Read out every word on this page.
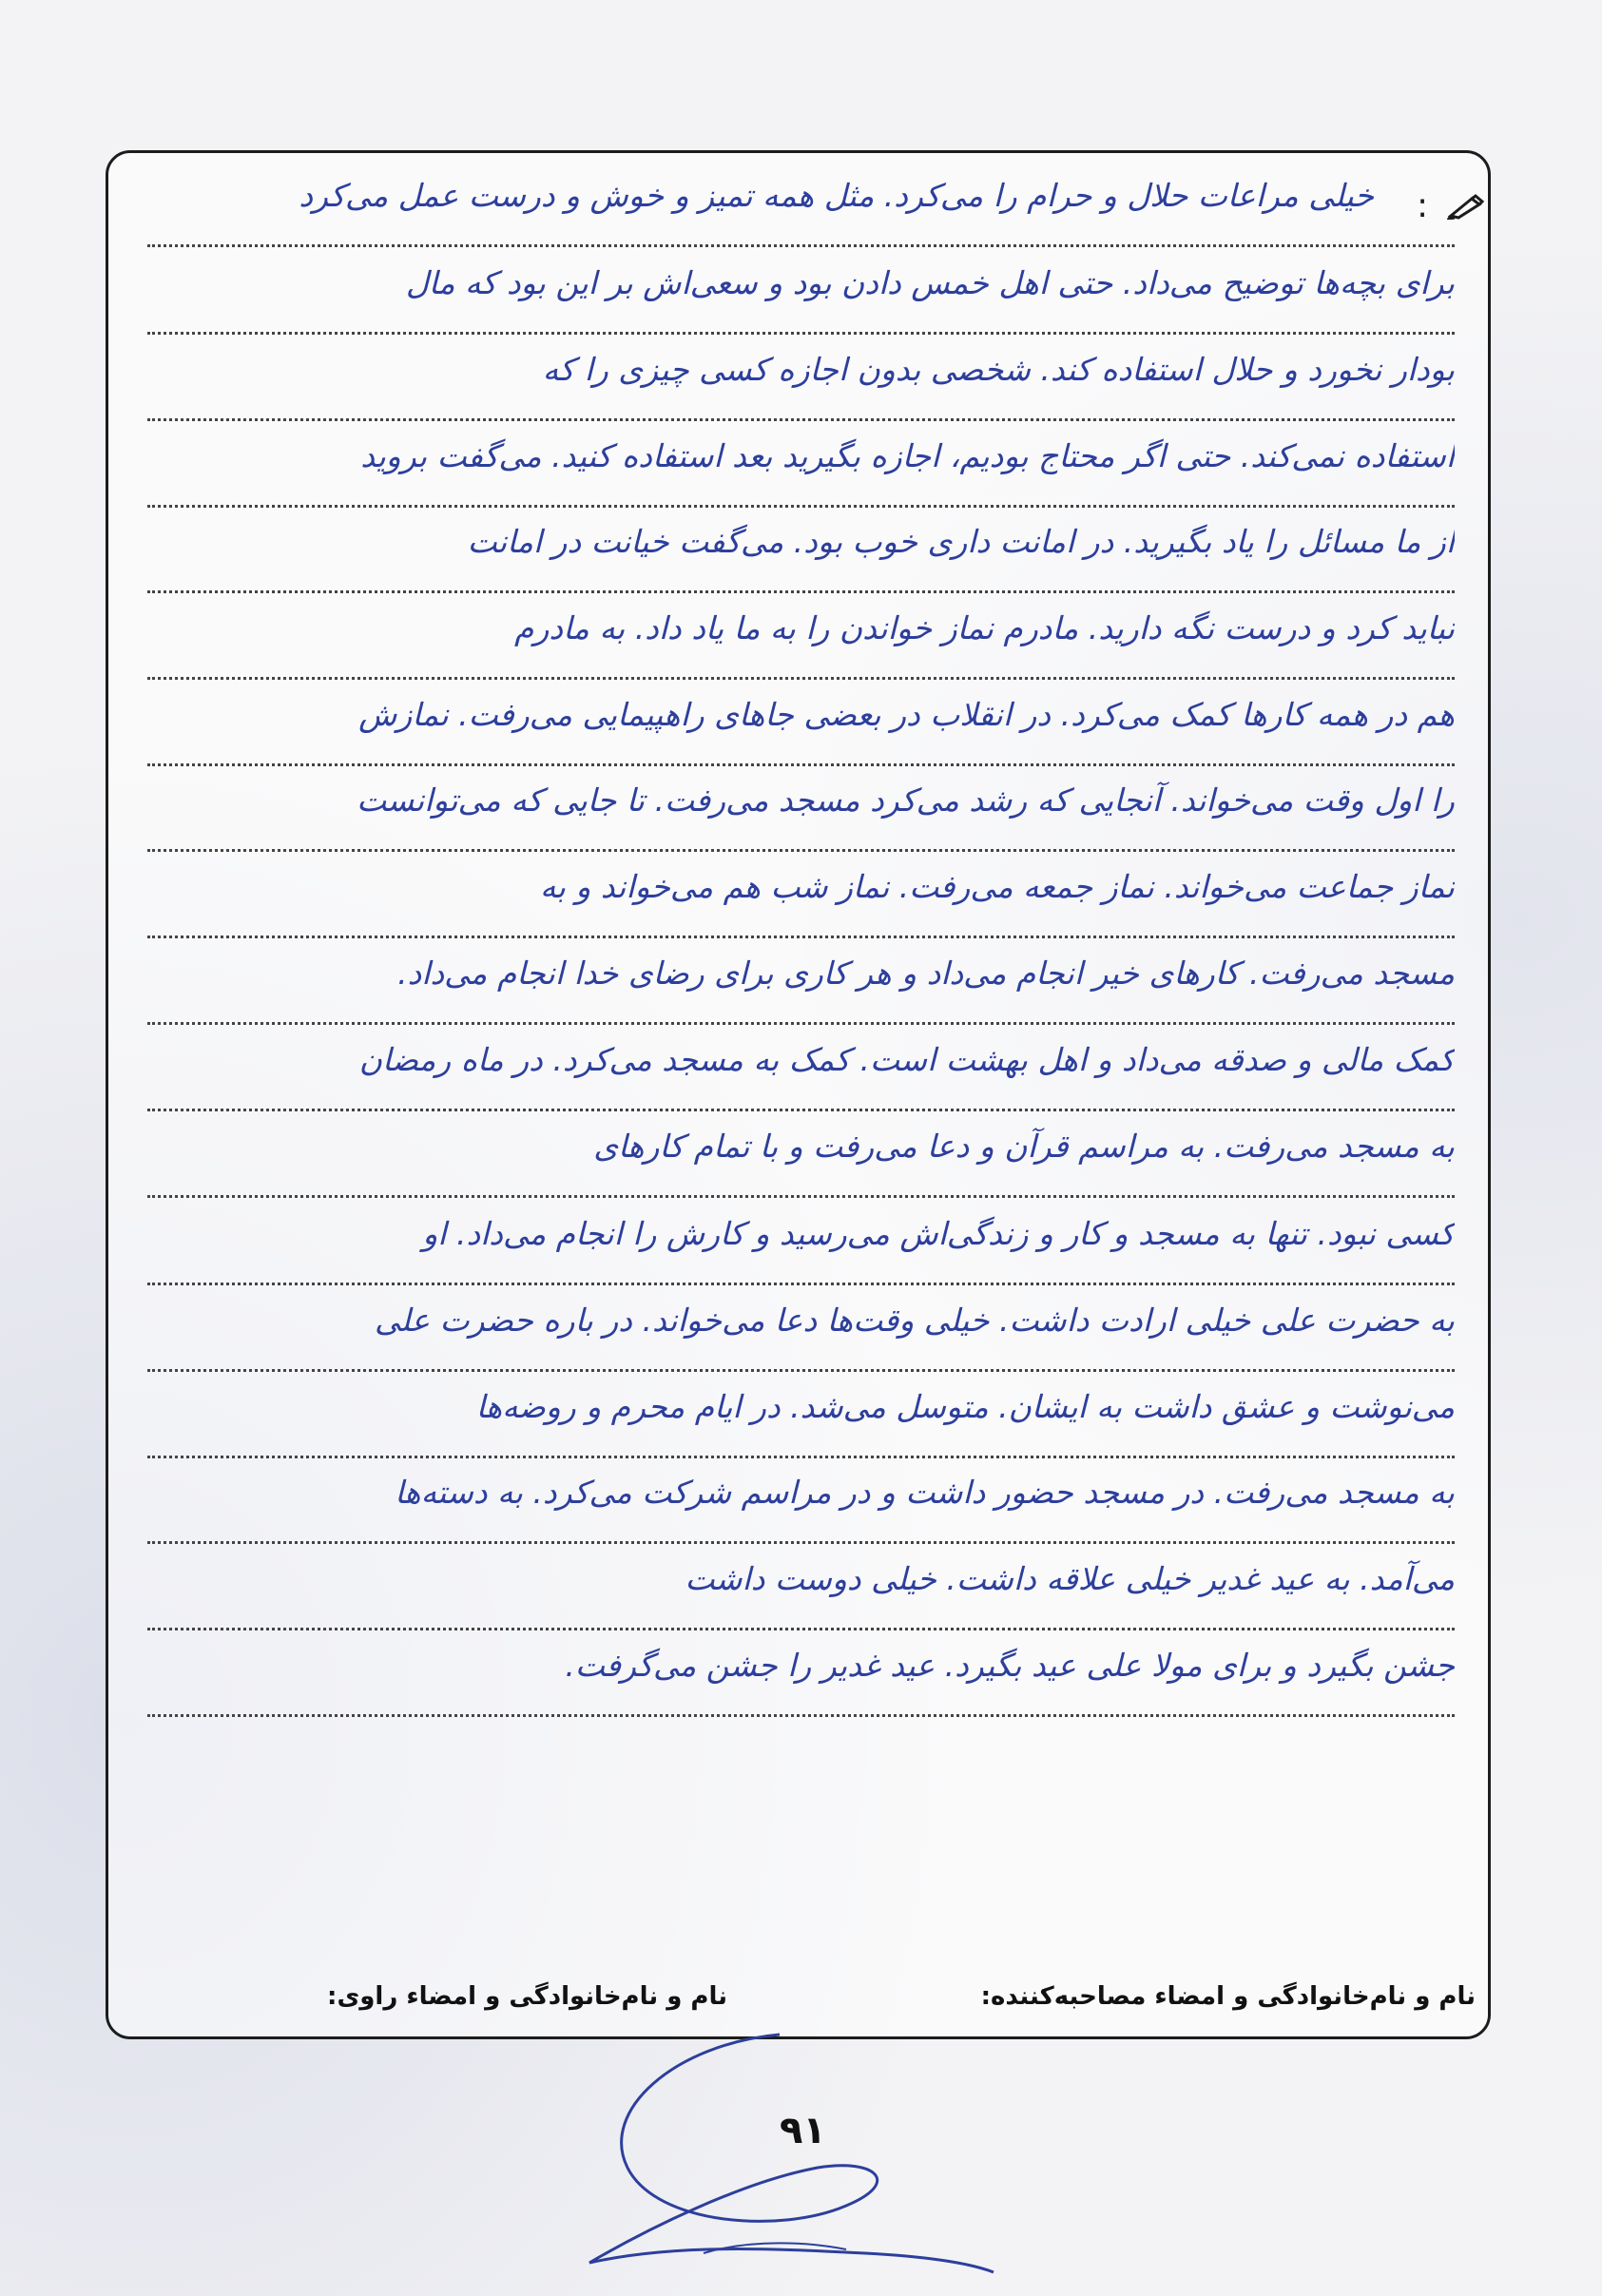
:
خیلی مراعات حلال و حرام را می‌کرد. مثل همه تمیز و خوش و درست عمل می‌کرد
برای بچه‌ها توضیح می‌داد. حتی اهل خمس دادن بود و سعی‌اش بر این بود که مال
بودار نخورد و حلال استفاده کند. شخصی بدون اجازه کسی چیزی را که
استفاده نمی‌کند. حتی اگر محتاج بودیم، اجازه بگیرید بعد استفاده کنید. می‌گفت بروید
از ما مسائل را یاد بگیرید. در امانت داری خوب بود. می‌گفت خیانت در امانت
نباید کرد و درست نگه دارید. مادرم نماز خواندن را به ما یاد داد. به مادرم
هم در همه کارها کمک می‌کرد. در انقلاب در بعضی جاهای راهپیمایی می‌رفت. نمازش
را اول وقت می‌خواند. آنجایی که رشد می‌کرد مسجد می‌رفت. تا جایی که می‌توانست
نماز جماعت می‌خواند. نماز جمعه می‌رفت. نماز شب هم می‌خواند و به
مسجد می‌رفت. کارهای خیر انجام می‌داد و هر کاری برای رضای خدا انجام می‌داد.
کمک مالی و صدقه می‌داد و اهل بهشت است. کمک به مسجد می‌کرد. در ماه رمضان
به مسجد می‌رفت. به مراسم قرآن و دعا می‌رفت و با تمام کارهای
کسی نبود. تنها به مسجد و کار و زندگی‌اش می‌رسید و کارش را انجام می‌داد. او
به حضرت علی خیلی ارادت داشت. خیلی وقت‌ها دعا می‌خواند. در باره حضرت علی
می‌نوشت و عشق داشت به ایشان. متوسل می‌شد. در ایام محرم و روضه‌ها
به مسجد می‌رفت. در مسجد حضور داشت و در مراسم شرکت می‌کرد. به دسته‌ها
می‌آمد. به عید غدیر خیلی علاقه داشت. خیلی دوست داشت
جشن بگیرد و برای مولا علی عید بگیرد. عید غدیر را جشن می‌گرفت.
نام و نام‌خانوادگی و امضاء مصاحبه‌کننده:
نام و نام‌خانوادگی و امضاء راوی:
۹۱
